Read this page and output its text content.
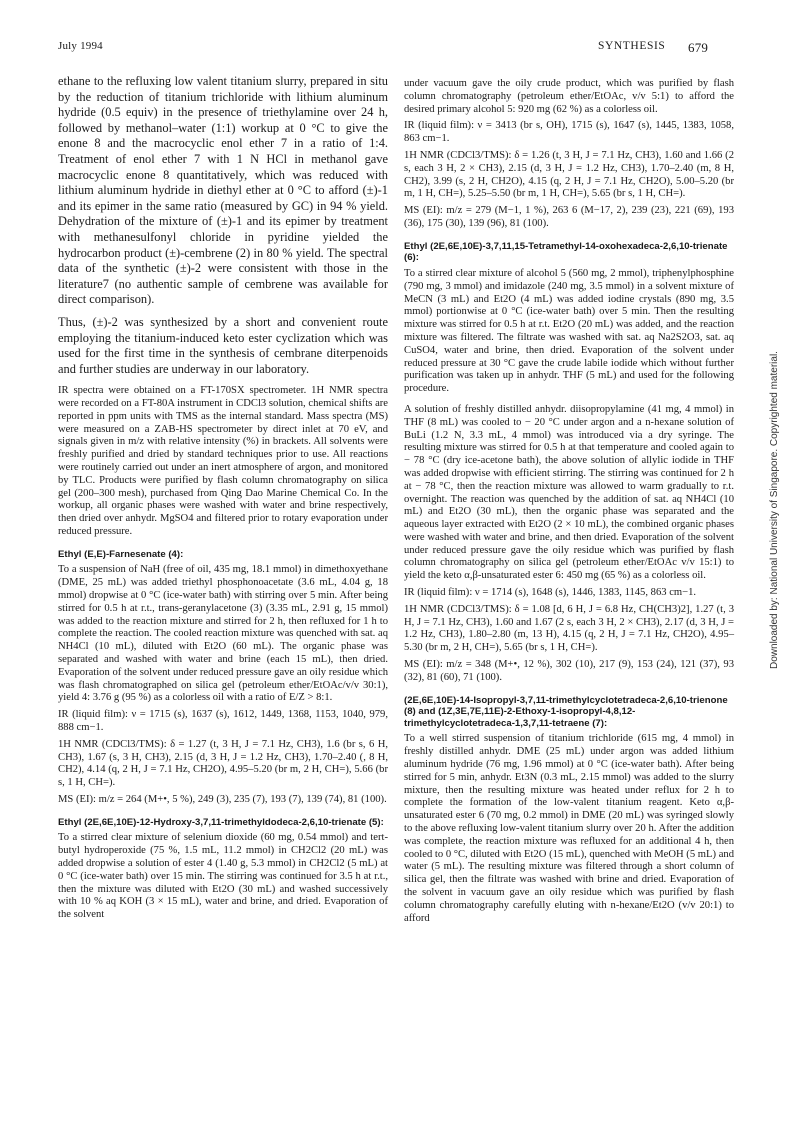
July 1994	SYNTHESIS 679

ethane to the refluxing low valent titanium slurry, prepared in situ by the reduction of titanium trichloride with lithium aluminum hydride (0.5 equiv) in the presence of triethylamine over 24 h, followed by methanol–water (1:1) workup at 0 °C to give the enone 8 and the macrocyclic enol ether 7 in a ratio of 1:4. Treatment of enol ether 7 with 1 N HCl in methanol gave macrocyclic enone 8 quantitatively, which was reduced with lithium aluminum hydride in diethyl ether at 0 °C to afford (±)-1 and its epimer in the same ratio (measured by GC) in 94 % yield. Dehydration of the mixture of (±)-1 and its epimer by treatment with methanesulfonyl chloride in pyridine yielded the hydrocarbon product (±)-cembrene (2) in 80 % yield. The spectral data of the synthetic (±)-2 were consistent with those in the literature7 (no authentic sample of cembrene was available for direct comparison).

Thus, (±)-2 was synthesized by a short and convenient route employing the titanium-induced keto ester cyclization which was used for the first time in the synthesis of cembrane diterpenoids and further studies are underway in our laboratory.

IR spectra were obtained on a FT-170SX spectrometer. 1H NMR spectra were recorded on a FT-80A instrument in CDCl3 solution, chemical shifts are reported in ppm units with TMS as the internal standard. Mass spectra (MS) were measured on a ZAB-HS spectrometer by direct inlet at 70 eV, and signals given in m/z with relative intensity (%) in brackets. All solvents were freshly purified and dried by standard techniques prior to use. All reactions were routinely carried out under an inert atmosphere of argon, and monitored by TLC. Products were purified by flash column chromatography on silica gel (200–300 mesh), purchased from Qing Dao Marine Chemical Co. In the workup, all organic phases were washed with water and brine respectively, then dried over anhydr. MgSO4 and filtered prior to rotary evaporation under reduced pressure.

Ethyl (E,E)-Farnesenate (4):

To a suspension of NaH (free of oil, 435 mg, 18.1 mmol) in dimethoxyethane (DME, 25 mL) was added triethyl phosphonoacetate (3.6 mL, 4.04 g, 18 mmol) dropwise at 0 °C (ice-water bath) with stirring over 5 min. After being stirred for 0.5 h at r.t., trans-geranylacetone (3) (3.35 mL, 2.91 g, 15 mmol) was added to the reaction mixture and stirred for 2 h, then refluxed for 1 h to complete the reaction. The cooled reaction mixture was quenched with sat. aq NH4Cl (10 mL), diluted with Et2O (60 mL). The organic phase was separated and washed with water and brine (each 15 mL), then dried. Evaporation of the solvent under reduced pressure gave an oily residue which was flash chromatographed on silica gel (petroleum ether/EtOAc/v/v 30:1), yield 4: 3.76 g (95 %) as a colorless oil with a ratio of E/Z > 8:1.

IR (liquid film): ν = 1715 (s), 1637 (s), 1612, 1449, 1368, 1153, 1040, 979, 888 cm−1.

1H NMR (CDCl3/TMS): δ = 1.27 (t, 3 H, J = 7.1 Hz, CH3), 1.6 (br s, 6 H, CH3), 1.67 (s, 3 H, CH3), 2.15 (d, 3 H, J = 1.2 Hz, CH3), 1.70–2.40 (, 8 H, CH2), 4.14 (q, 2 H, J = 7.1 Hz, CH2O), 4.95–5.20 (br m, 2 H, CH=), 5.66 (br s, 1 H, CH=).

MS (EI): m/z = 264 (M+•, 5 %), 249 (3), 235 (7), 193 (7), 139 (74), 81 (100).

Ethyl (2E,6E,10E)-12-Hydroxy-3,7,11-trimethyldodeca-2,6,10-trienate (5):

To a stirred clear mixture of selenium dioxide (60 mg, 0.54 mmol) and tert-butyl hydroperoxide (75 %, 1.5 mL, 11.2 mmol) in CH2Cl2 (20 mL) was added dropwise a solution of ester 4 (1.40 g, 5.3 mmol) in CH2Cl2 (5 mL) at 0 °C (ice-water bath) over 15 min. The stirring was continued for 3.5 h at r.t., then the mixture was diluted with Et2O (30 mL) and washed successively with 10 % aq KOH (3 × 15 mL), water and brine, and dried. Evaporation of the solvent

under vacuum gave the oily crude product, which was purified by flash column chromatography (petroleum ether/EtOAc, v/v 5:1) to afford the desired primary alcohol 5: 920 mg (62 %) as a colorless oil.

IR (liquid film): ν = 3413 (br s, OH), 1715 (s), 1647 (s), 1445, 1383, 1058, 863 cm−1.

1H NMR (CDCl3/TMS): δ = 1.26 (t, 3 H, J = 7.1 Hz, CH3), 1.60 and 1.66 (2 s, each 3 H, 2 × CH3), 2.15 (d, 3 H, J = 1.2 Hz, CH3), 1.70–2.40 (m, 8 H, CH2), 3.99 (s, 2 H, CH2O), 4.15 (q, 2 H, J = 7.1 Hz, CH2O), 5.00–5.20 (br m, 1 H, CH=), 5.25–5.50 (br m, 1 H, CH=), 5.65 (br s, 1 H, CH=).

MS (EI): m/z = 279 (M−1, 1 %), 263 6 (M−17, 2), 239 (23), 221 (69), 193 (36), 175 (30), 139 (96), 81 (100).

Ethyl (2E,6E,10E)-3,7,11,15-Tetramethyl-14-oxohexadeca-2,6,10-trienate (6):

To a stirred clear mixture of alcohol 5 (560 mg, 2 mmol), triphenylphosphine (790 mg, 3 mmol) and imidazole (240 mg, 3.5 mmol) in a solvent mixture of MeCN (3 mL) and Et2O (4 mL) was added iodine crystals (890 mg, 3.5 mmol) portionwise at 0 °C (ice-water bath) over 5 min. Then the resulting mixture was stirred for 0.5 h at r.t. Et2O (20 mL) was added, and the reaction mixture was filtered. The filtrate was washed with sat. aq Na2S2O3, sat. aq CuSO4, water and brine, then dried. Evaporation of the solvent under reduced pressure at 30 °C gave the crude labile iodide which without further purification was taken up in anhydr. THF (5 mL) and used for the following procedure.

A solution of freshly distilled anhydr. diisopropylamine (41 mg, 4 mmol) in THF (8 mL) was cooled to − 20 °C under argon and a n-hexane solution of BuLi (1.2 N, 3.3 mL, 4 mmol) was introduced via a dry syringe. The resulting mixture was stirred for 0.5 h at that temperature and cooled again to − 78 °C (dry ice-acetone bath), the above solution of allylic iodide in THF was added dropwise with efficient stirring. The stirring was continued for 2 h at − 78 °C, then the reaction mixture was allowed to warm gradually to r.t. overnight. The reaction was quenched by the addition of sat. aq NH4Cl (10 mL) and Et2O (30 mL), then the organic phase was separated and the aqueous layer extracted with Et2O (2 × 10 mL), the combined organic phases were washed with water and brine, and then dried. Evaporation of the solvent under reduced pressure gave the oily residue which was purified by flash column chromatography on silica gel (petroleum ether/EtOAc v/v 15:1) to yield the keto α,β-unsaturated ester 6: 450 mg (65 %) as a colorless oil.

IR (liquid film): ν = 1714 (s), 1648 (s), 1446, 1383, 1145, 863 cm−1.

1H NMR (CDCl3/TMS): δ = 1.08 [d, 6 H, J = 6.8 Hz, CH(CH3)2], 1.27 (t, 3 H, J = 7.1 Hz, CH3), 1.60 and 1.67 (2 s, each 3 H, 2 × CH3), 2.17 (d, 3 H, J = 1.2 Hz, CH3), 1.80–2.80 (m, 13 H), 4.15 (q, 2 H, J = 7.1 Hz, CH2O), 4.95–5.30 (br m, 2 H, CH=), 5.65 (br s, 1 H, CH=).

MS (EI): m/z = 348 (M+•, 12 %), 302 (10), 217 (9), 153 (24), 121 (37), 93 (32), 81 (60), 71 (100).

(2E,6E,10E)-14-Isopropyl-3,7,11-trimethylcyclotetradeca-2,6,10-trienone (8) and (1Z,3E,7E,11E)-2-Ethoxy-1-isopropyl-4,8,12-trimethylcyclotetradeca-1,3,7,11-tetraene (7):

To a well stirred suspension of titanium trichloride (615 mg, 4 mmol) in freshly distilled anhydr. DME (25 mL) under argon was added lithium aluminum hydride (76 mg, 1.96 mmol) at 0 °C (ice-water bath). After being stirred for 5 min, anhydr. Et3N (0.3 mL, 2.15 mmol) was added to the slurry mixture, then the resulting mixture was heated under reflux for 2 h to complete the formation of the low-valent titanium reagent. Keto α,β-unsaturated ester 6 (70 mg, 0.2 mmol) in DME (20 mL) was syringed slowly to the above refluxing low-valent titanium slurry over 20 h. After the addition was complete, the reaction mixture was refluxed for an additional 4 h, then cooled to 0 °C, diluted with Et2O (15 mL), quenched with MeOH (5 mL) and water (5 mL). The resulting mixture was filtered through a short column of silica gel, then the filtrate was washed with brine and dried. Evaporation of the solvent in vacuum gave an oily residue which was purified by flash column chromatography carefully eluting with n-hexane/Et2O (v/v 20:1) to afford

Downloaded by: National University of Singapore. Copyrighted material.
